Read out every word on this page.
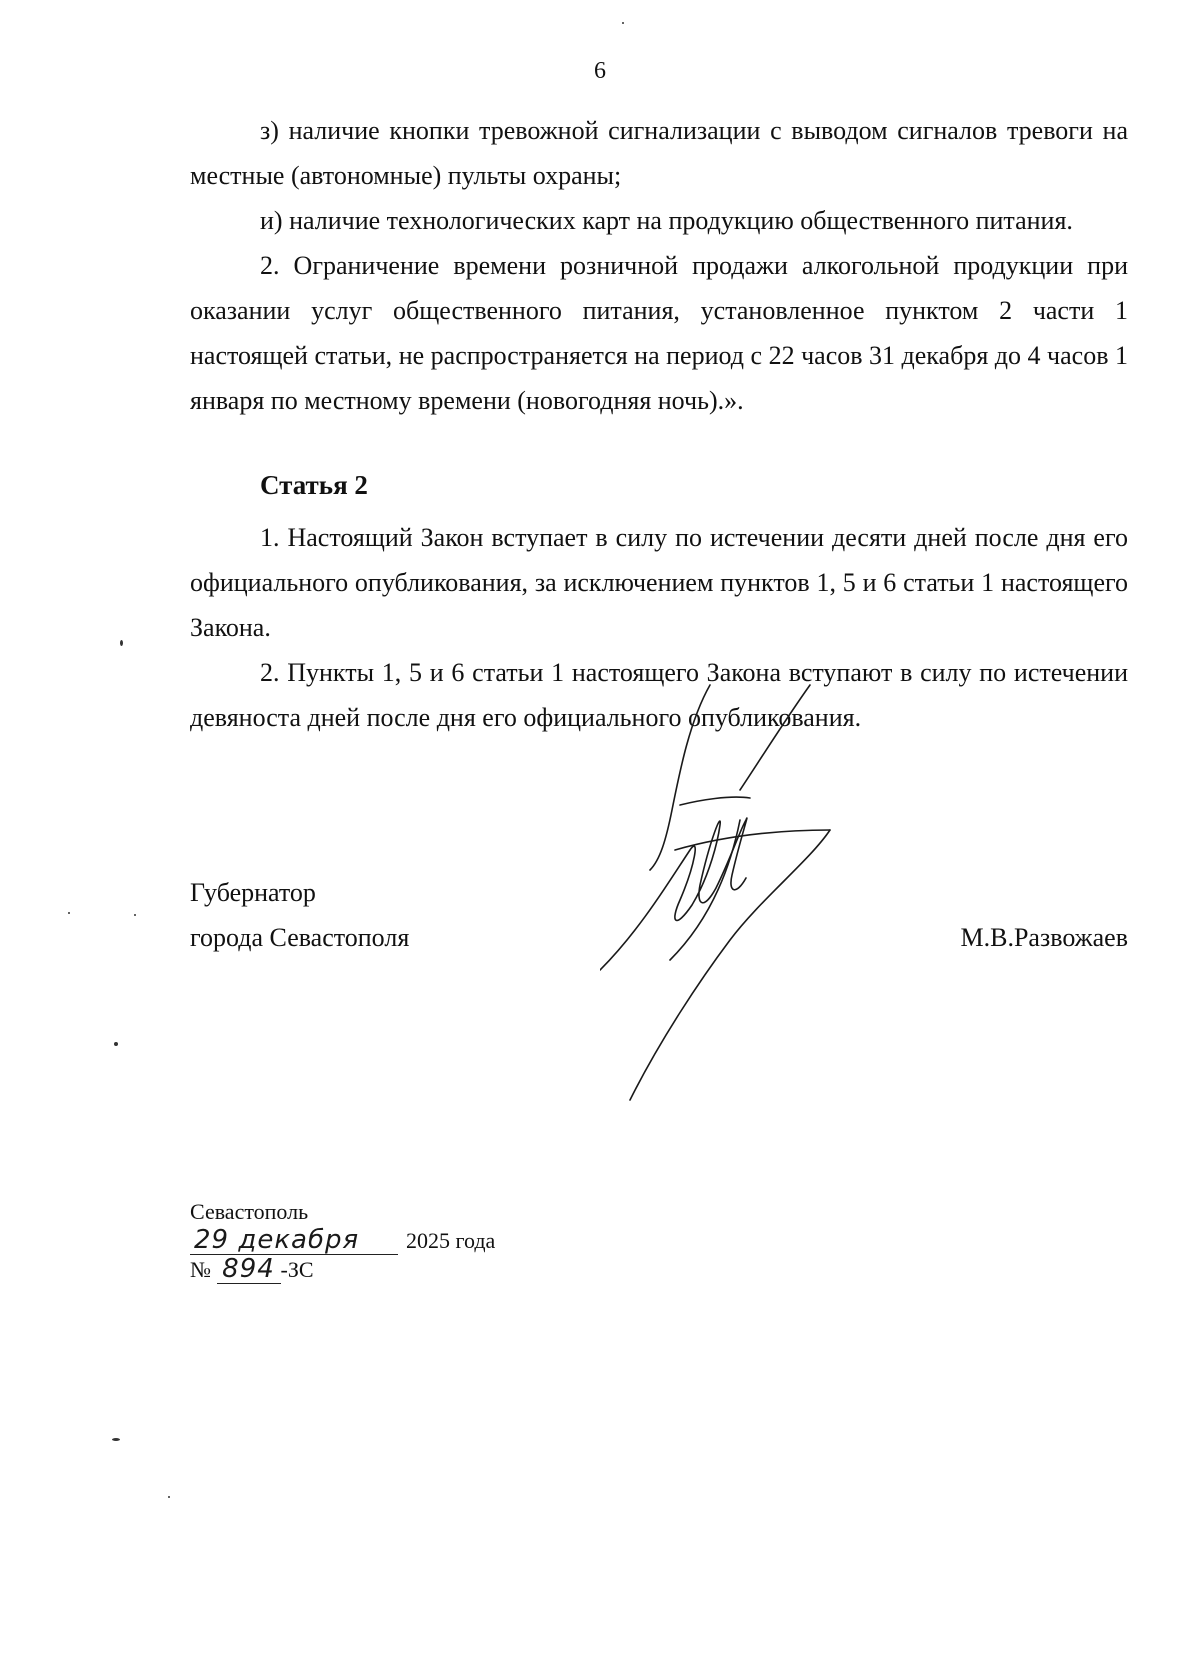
6

з) наличие кнопки тревожной сигнализации с выводом сигналов тревоги на местные (автономные) пульты охраны;

и) наличие технологических карт на продукцию общественного питания.

2. Ограничение времени розничной продажи алкогольной продукции при оказании услуг общественного питания, установленное пунктом 2 части 1 настоящей статьи, не распространяется на период с 22 часов 31 декабря до 4 часов 1 января по местному времени (новогодняя ночь).».

Статья 2

1. Настоящий Закон вступает в силу по истечении десяти дней после дня его официального опубликования, за исключением пунктов 1, 5 и 6 статьи 1 настоящего Закона.

2. Пункты 1, 5 и 6 статьи 1 настоящего Закона вступают в силу по истечении девяноста дней после дня его официального опубликования.

Губернатор
города Севастополя	М.В.Развожаев
Севастополь
29 декабря 2025 года
№ 894 -ЗС
